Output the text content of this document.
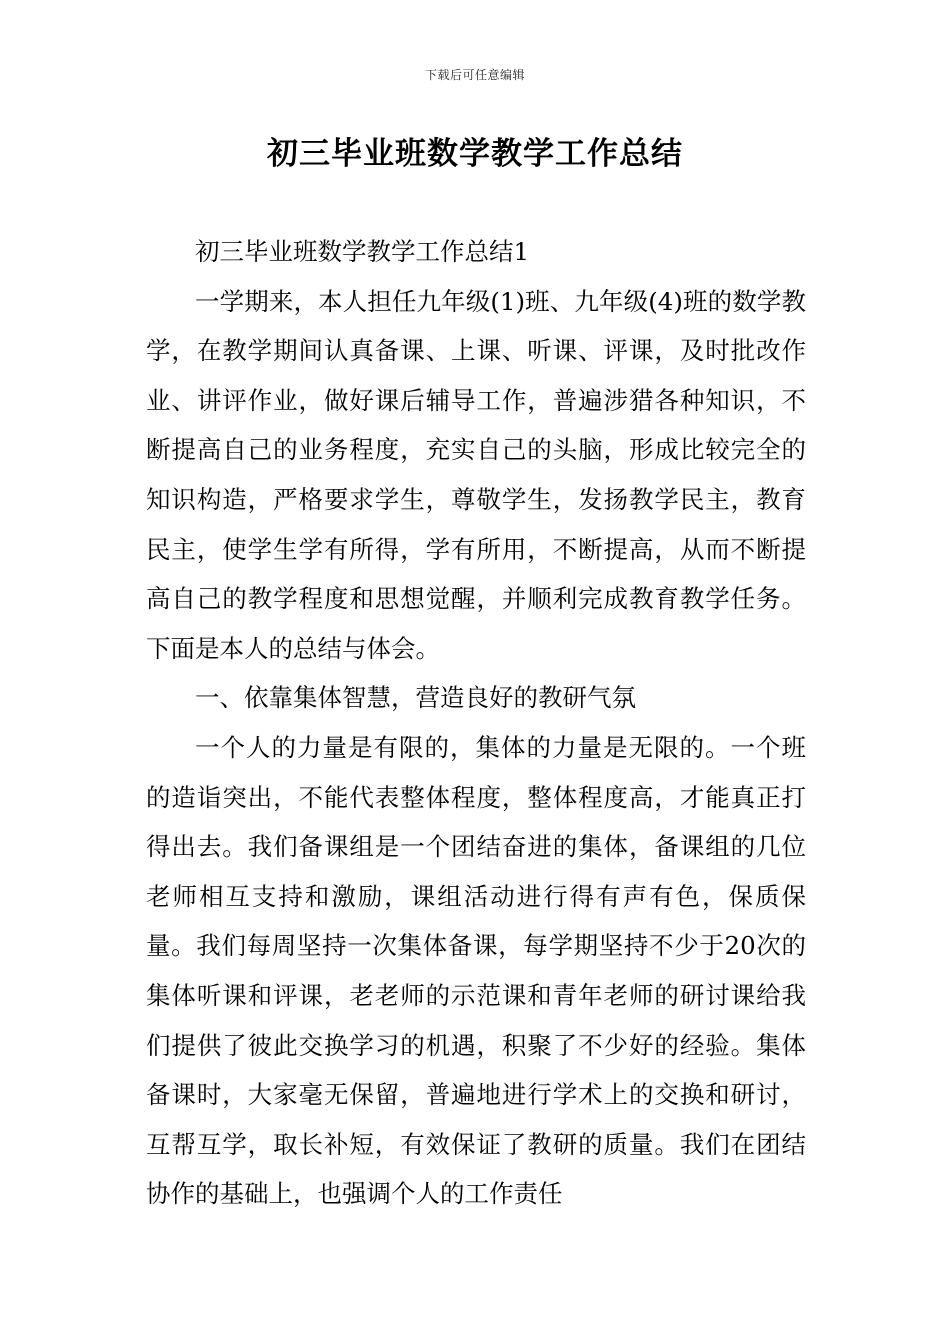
下载后可任意编辑
初三毕业班数学教学工作总结

初三毕业班数学教学工作总结1

一学期来，本人担任九年级(1)班、九年级(4)班的数学教学，在教学期间认真备课、上课、听课、评课，及时批改作业、讲评作业，做好课后辅导工作，普遍涉猎各种知识，不断提高自己的业务程度，充实自己的头脑，形成比较完全的知识构造，严格要求学生，尊敬学生，发扬教学民主，教育民主，使学生学有所得，学有所用，不断提高，从而不断提高自己的教学程度和思想觉醒，并顺利完成教育教学任务。下面是本人的总结与体会。

一、依靠集体智慧，营造良好的教研气氛

一个人的力量是有限的，集体的力量是无限的。一个班的造诣突出，不能代表整体程度，整体程度高，才能真正打得出去。我们备课组是一个团结奋进的集体，备课组的几位老师相互支持和激励，课组活动进行得有声有色，保质保量。我们每周坚持一次集体备课，每学期坚持不少于20次的集体听课和评课，老老师的示范课和青年老师的研讨课给我们提供了彼此交换学习的机遇，积聚了不少好的经验。集体备课时，大家毫无保留，普遍地进行学术上的交换和研讨，互帮互学，取长补短，有效保证了教研的质量。我们在团结协作的基础上，也强调个人的工作责任
